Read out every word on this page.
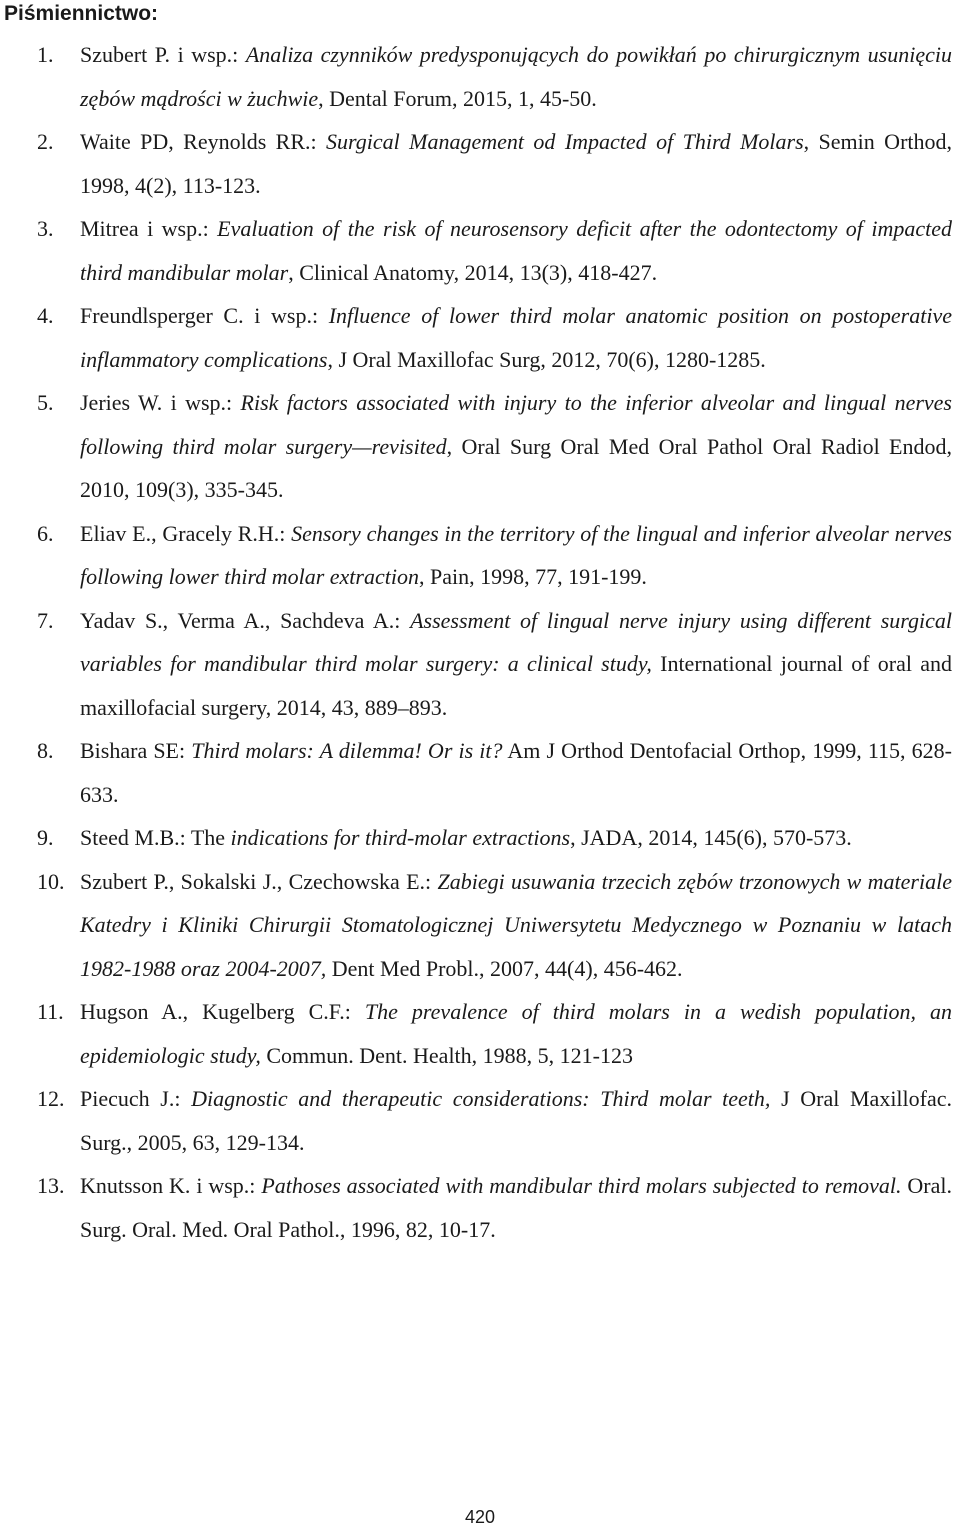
Piśmiennictwo:
1. Szubert P. i wsp.: Analiza czynników predysponujących do powikłań po chirurgicznym usunięciu zębów mądrości w żuchwie, Dental Forum, 2015, 1, 45-50.
2. Waite PD, Reynolds RR.: Surgical Management od Impacted of Third Molars, Semin Orthod, 1998, 4(2), 113-123.
3. Mitrea i wsp.: Evaluation of the risk of neurosensory deficit after the odontectomy of impacted third mandibular molar, Clinical Anatomy, 2014, 13(3), 418-427.
4. Freundlsperger C. i wsp.: Influence of lower third molar anatomic position on postoperative inflammatory complications, J Oral Maxillofac Surg, 2012, 70(6), 1280-1285.
5. Jeries W. i wsp.: Risk factors associated with injury to the inferior alveolar and lingual nerves following third molar surgery—revisited, Oral Surg Oral Med Oral Pathol Oral Radiol Endod, 2010, 109(3), 335-345.
6. Eliav E., Gracely R.H.: Sensory changes in the territory of the lingual and inferior alveolar nerves following lower third molar extraction, Pain, 1998, 77, 191-199.
7. Yadav S., Verma A., Sachdeva A.: Assessment of lingual nerve injury using different surgical variables for mandibular third molar surgery: a clinical study, International journal of oral and maxillofacial surgery, 2014, 43, 889–893.
8. Bishara SE: Third molars: A dilemma! Or is it? Am J Orthod Dentofacial Orthop, 1999, 115, 628-633.
9. Steed M.B.: The indications for third-molar extractions, JADA, 2014, 145(6), 570-573.
10. Szubert P., Sokalski J., Czechowska E.: Zabiegi usuwania trzecich zębów trzonowych w materiale Katedry i Kliniki Chirurgii Stomatologicznej Uniwersytetu Medycznego w Poznaniu w latach 1982-1988 oraz 2004-2007, Dent Med Probl., 2007, 44(4), 456-462.
11. Hugson A., Kugelberg C.F.: The prevalence of third molars in a wedish population, an epidemiologic study, Commun. Dent. Health, 1988, 5, 121-123
12. Piecuch J.: Diagnostic and therapeutic considerations: Third molar teeth, J Oral Maxillofac. Surg., 2005, 63, 129-134.
13. Knutsson K. i wsp.: Pathoses associated with mandibular third molars subjected to removal. Oral. Surg. Oral. Med. Oral Pathol., 1996, 82, 10-17.
420
